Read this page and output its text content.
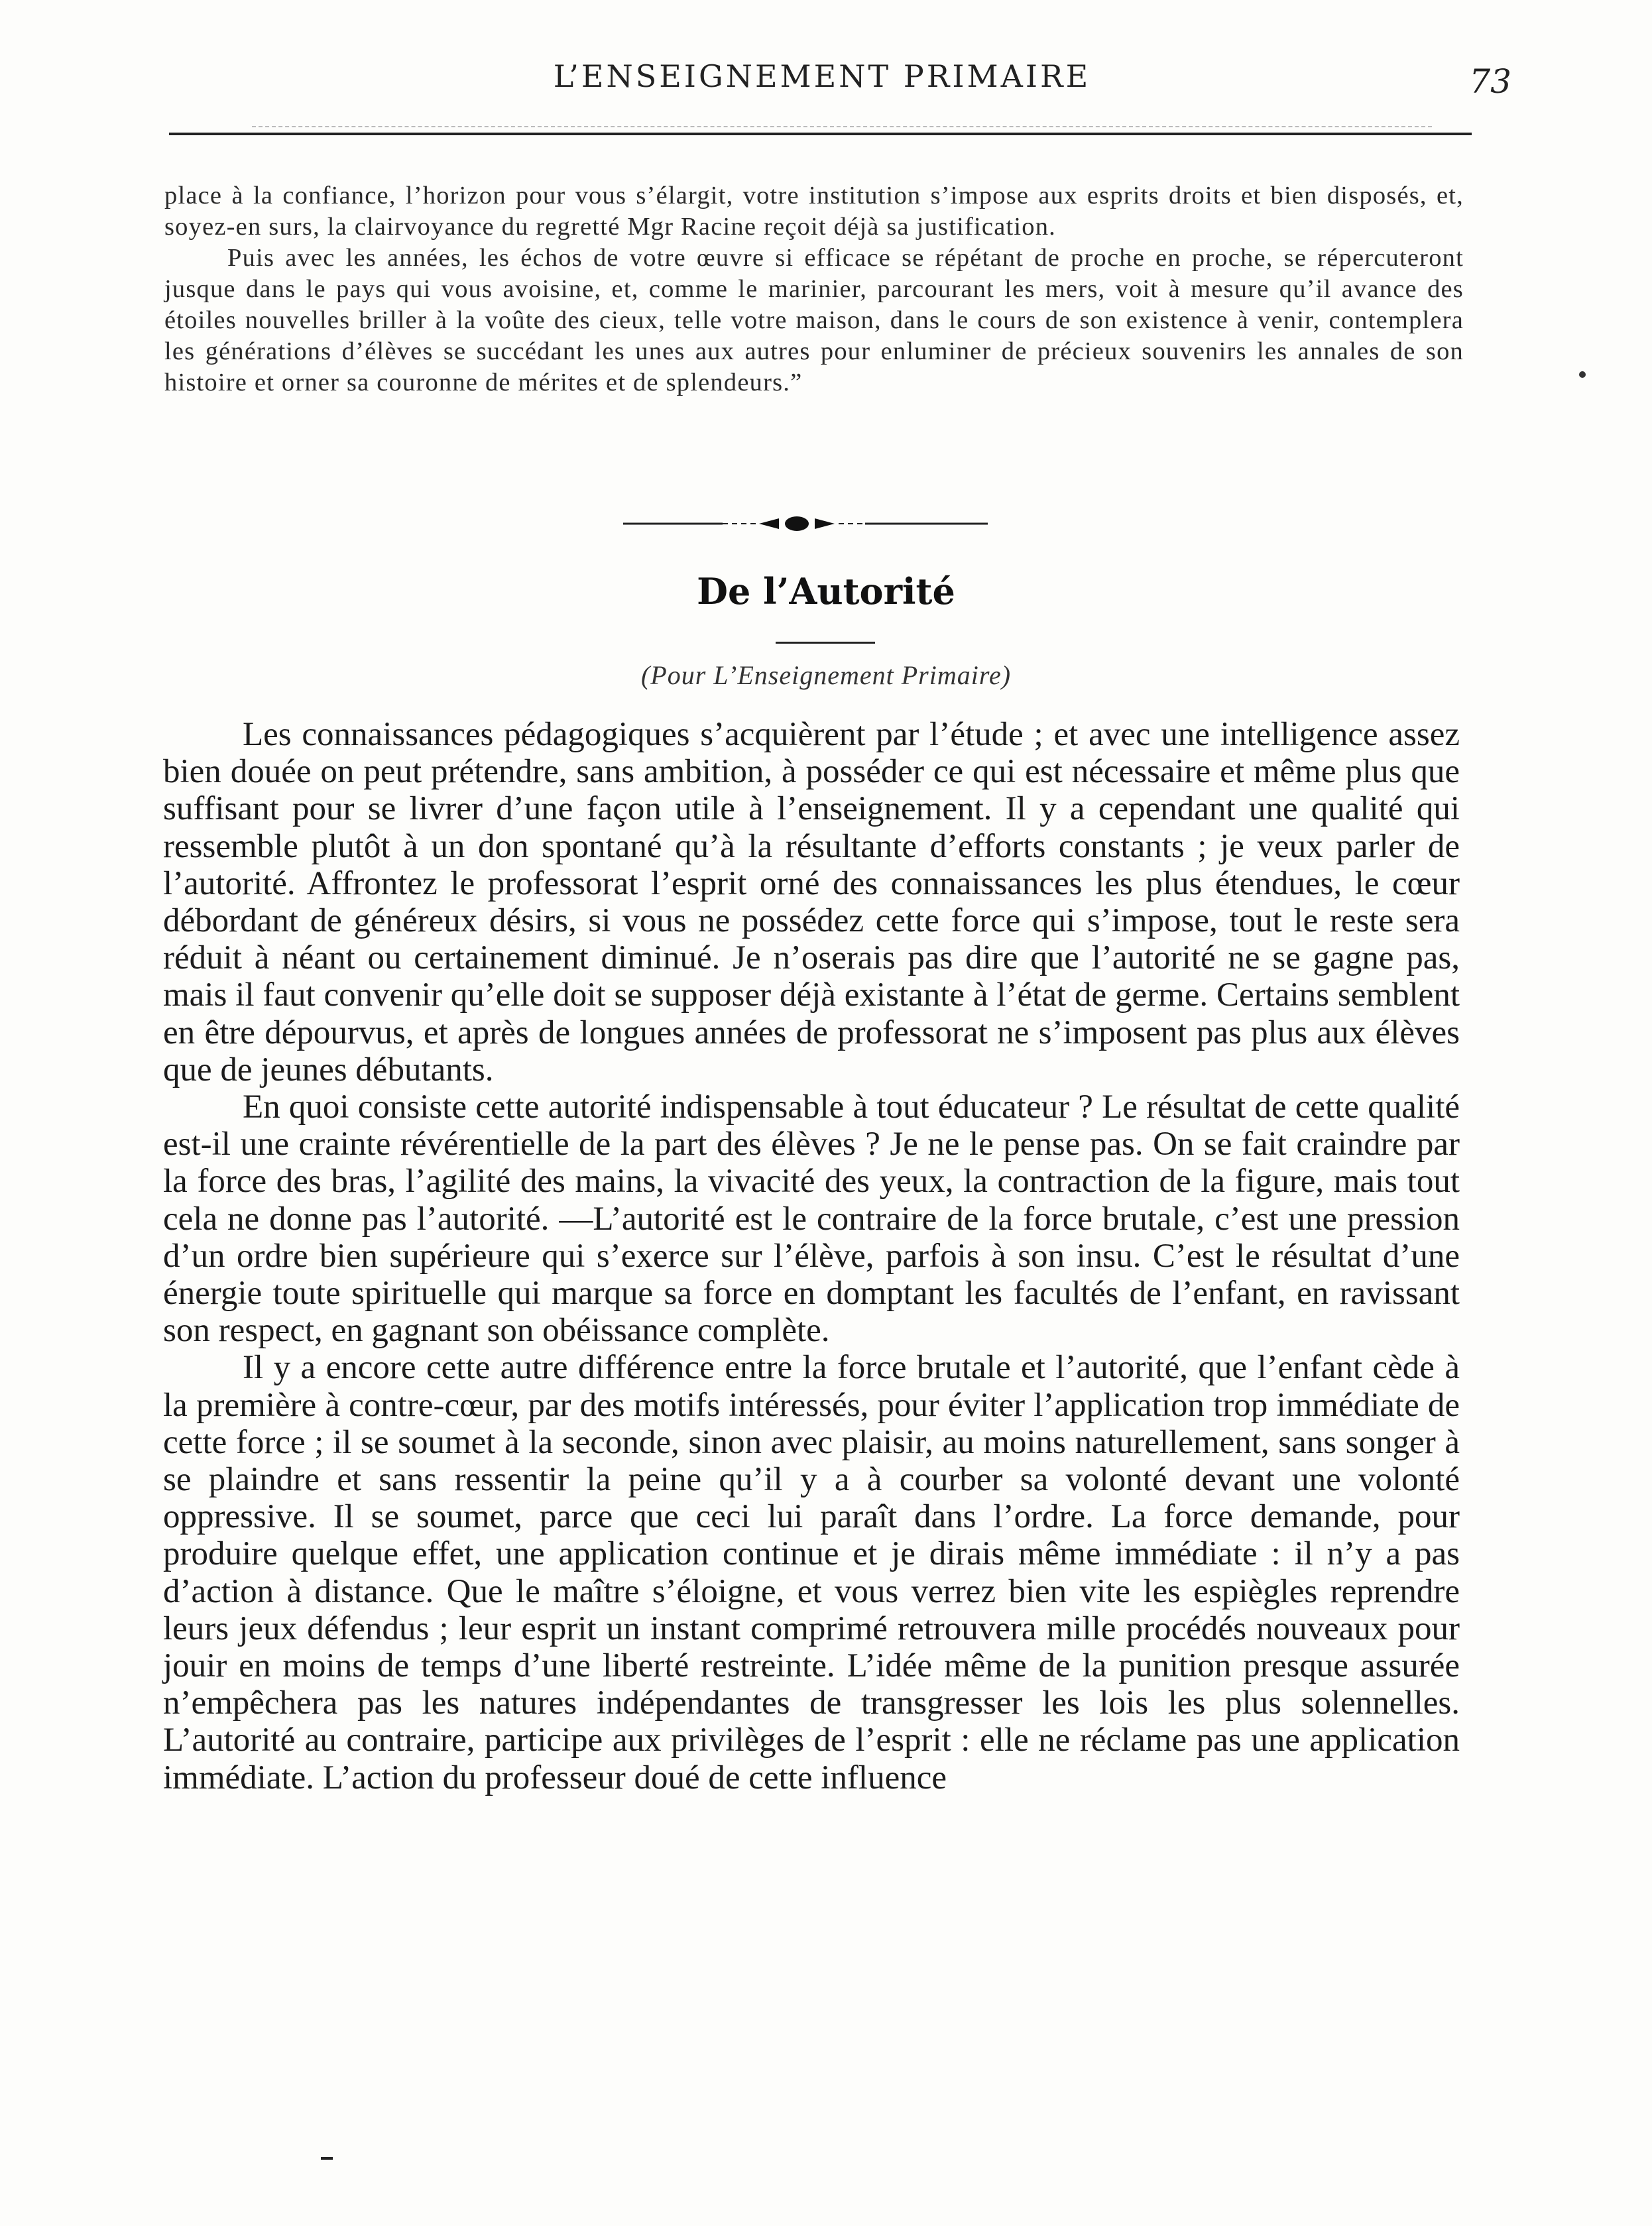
L’ENSEIGNEMENT PRIMAIRE	73

place à la confiance, l’horizon pour vous s’élargit, votre institution s’impose aux esprits droits et bien disposés, et, soyez-en surs, la clairvoyance du regretté Mgr Racine reçoit déjà sa justification.

Puis avec les années, les échos de votre œuvre si efficace se répétant de proche en proche, se répercuteront jusque dans le pays qui vous avoisine, et, comme le marinier, parcourant les mers, voit à mesure qu’il avance des étoiles nouvelles briller à la voûte des cieux, telle votre maison, dans le cours de son existence à venir, contemplera les générations d’élèves se succédant les unes aux autres pour enluminer de précieux souvenirs les annales de son histoire et orner sa couronne de mérites et de splendeurs.”

De l’Autorité
(Pour L’Enseignement Primaire)

Les connaissances pédagogiques s’acquièrent par l’étude ; et avec une intelligence assez bien douée on peut prétendre, sans ambition, à posséder ce qui est nécessaire et même plus que suffisant pour se livrer d’une façon utile à l’enseignement. Il y a cependant une qualité qui ressemble plutôt à un don spontané qu’à la résultante d’efforts constants ; je veux parler de l’autorité. Affrontez le professorat l’esprit orné des connaissances les plus étendues, le cœur débordant de généreux désirs, si vous ne possédez cette force qui s’impose, tout le reste sera réduit à néant ou certainement diminué. Je n’oserais pas dire que l’autorité ne se gagne pas, mais il faut convenir qu’elle doit se supposer déjà existante à l’état de germe. Certains semblent en être dépourvus, et après de longues années de professorat ne s’imposent pas plus aux élèves que de jeunes débutants.

En quoi consiste cette autorité indispensable à tout éducateur ? Le résultat de cette qualité est-il une crainte révérentielle de la part des élèves ? Je ne le pense pas. On se fait craindre par la force des bras, l’agilité des mains, la vivacité des yeux, la contraction de la figure, mais tout cela ne donne pas l’autorité. —L’autorité est le contraire de la force brutale, c’est une pression d’un ordre bien supérieure qui s’exerce sur l’élève, parfois à son insu. C’est le résultat d’une énergie toute spirituelle qui marque sa force en domptant les facultés de l’enfant, en ravissant son respect, en gagnant son obéissance complète.

Il y a encore cette autre différence entre la force brutale et l’autorité, que l’enfant cède à la première à contre-cœur, par des motifs intéressés, pour éviter l’application trop immédiate de cette force ; il se soumet à la seconde, sinon avec plaisir, au moins naturellement, sans songer à se plaindre et sans ressentir la peine qu’il y a à courber sa volonté devant une volonté oppressive. Il se soumet, parce que ceci lui paraît dans l’ordre. La force demande, pour produire quelque effet, une application continue et je dirais même immédiate : il n’y a pas d’action à distance. Que le maître s’éloigne, et vous verrez bien vite les espiègles reprendre leurs jeux défendus ; leur esprit un instant comprimé retrouvera mille procédés nouveaux pour jouir en moins de temps d’une liberté restreinte. L’idée même de la punition presque assurée n’empêchera pas les natures indépendantes de transgresser les lois les plus solennelles. L’autorité au contraire, participe aux privilèges de l’esprit : elle ne réclame pas une application immédiate. L’action du professeur doué de cette influence
